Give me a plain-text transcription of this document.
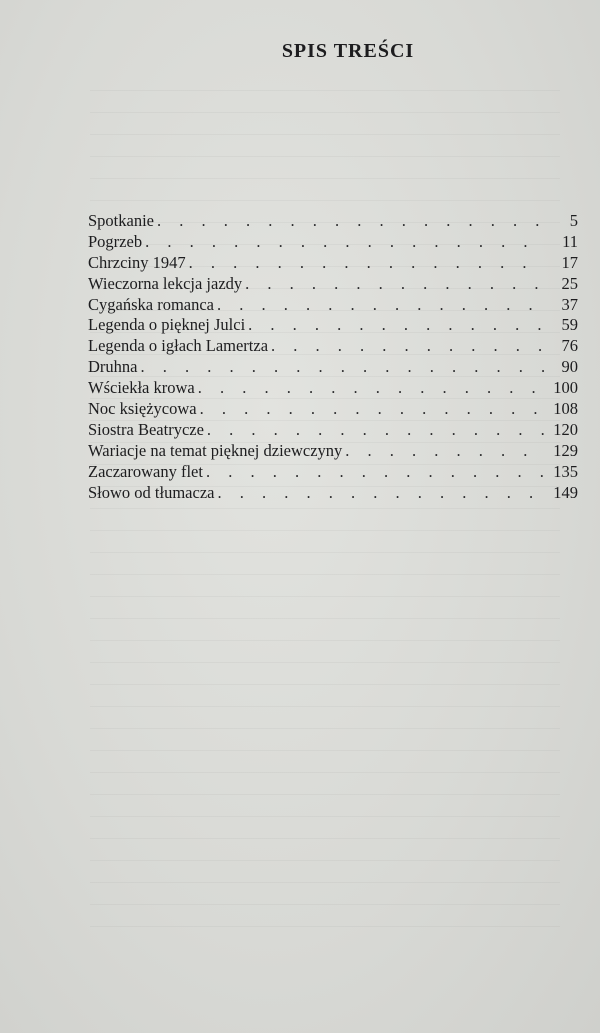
SPIS TREŚCI
Spotkanie . . .	5
Pogrzeb . . .	11
Chrzciny 1947 . . .	17
Wieczorna lekcja jazdy . . .	25
Cygańska romanca . . .	37
Legenda o pięknej Julci . . .	59
Legenda o igłach Lamertza . . .	76
Druhna . . .	90
Wściekła krowa . . .	100
Noc księżycowa . . .	108
Siostra Beatrycze . . .	120
Wariacje na temat pięknej dziewczyny . . .	129
Zaczarowany flet . . .	135
Słowo od tłumacza . . .	149
